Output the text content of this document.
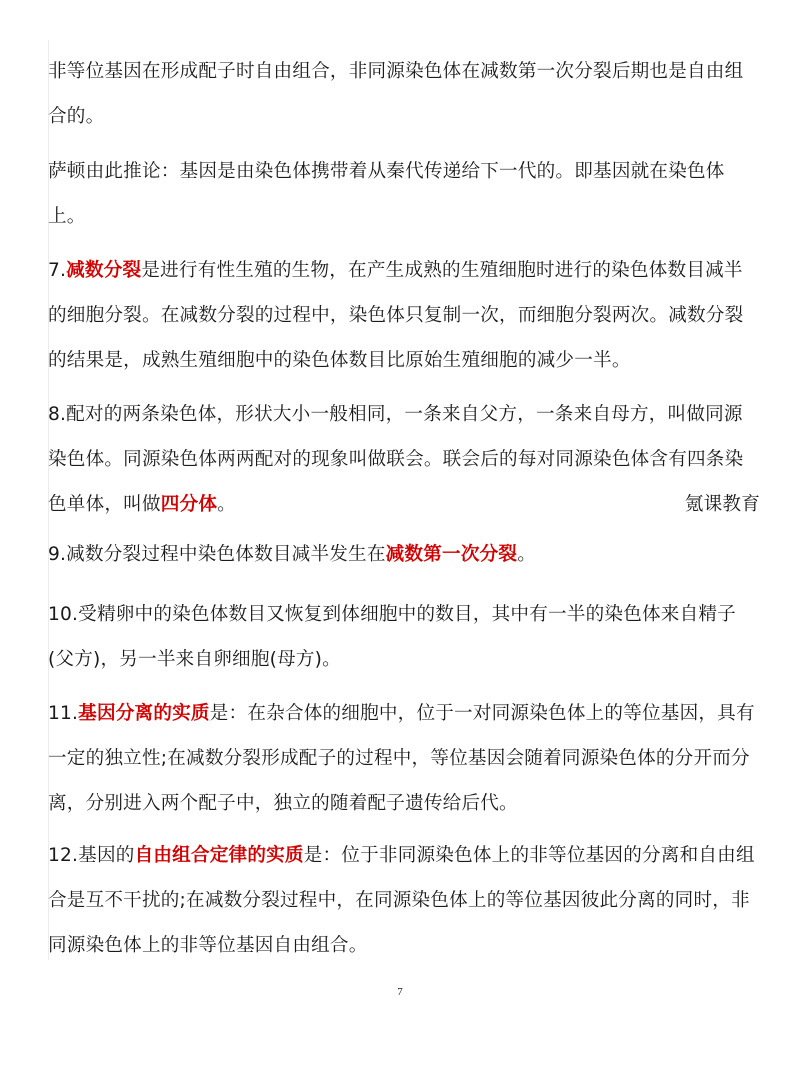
非等位基因在形成配子时自由组合，非同源染色体在减数第一次分裂后期也是自由组合的。

萨顿由此推论：基因是由染色体携带着从秦代传递给下一代的。即基因就在染色体上。

7.减数分裂是进行有性生殖的生物，在产生成熟的生殖细胞时进行的染色体数目减半的细胞分裂。在减数分裂的过程中，染色体只复制一次，而细胞分裂两次。减数分裂的结果是，成熟生殖细胞中的染色体数目比原始生殖细胞的减少一半。

8.配对的两条染色体，形状大小一般相同，一条来自父方，一条来自母方，叫做同源染色体。同源染色体两两配对的现象叫做联会。联会后的每对同源染色体含有四条染色单体，叫做四分体。	氪课教育

9.减数分裂过程中染色体数目减半发生在减数第一次分裂。

10.受精卵中的染色体数目又恢复到体细胞中的数目，其中有一半的染色体来自精子(父方)，另一半来自卵细胞(母方)。

11.基因分离的实质是：在杂合体的细胞中，位于一对同源染色体上的等位基因，具有一定的独立性;在减数分裂形成配子的过程中，等位基因会随着同源染色体的分开而分离，分别进入两个配子中，独立的随着配子遗传给后代。

12.基因的自由组合定律的实质是：位于非同源染色体上的非等位基因的分离和自由组合是互不干扰的;在减数分裂过程中，在同源染色体上的等位基因彼此分离的同时，非同源染色体上的非等位基因自由组合。

7
